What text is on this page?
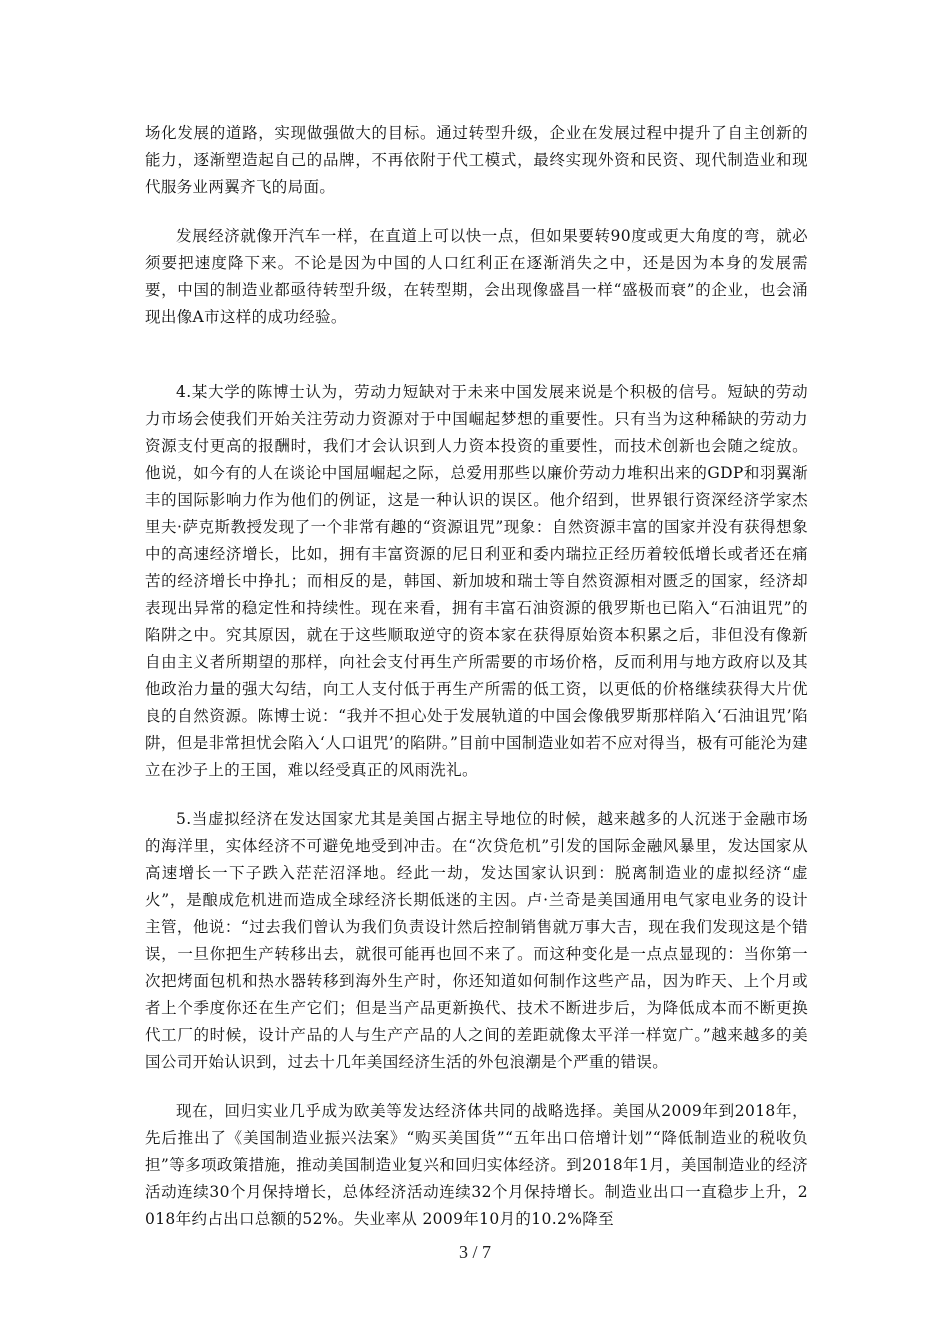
场化发展的道路，实现做强做大的目标。通过转型升级，企业在发展过程中提升了自主创新的能力，逐渐塑造起自己的品牌，不再依附于代工模式，最终实现外资和民资、现代制造业和现代服务业两翼齐飞的局面。

发展经济就像开汽车一样，在直道上可以快一点，但如果要转90度或更大角度的弯，就必须要把速度降下来。不论是因为中国的人口红利正在逐渐消失之中，还是因为本身的发展需要，中国的制造业都亟待转型升级，在转型期，会出现像盛昌一样“盛极而衰”的企业，也会涌现出像A市这样的成功经验。

4.某大学的陈博士认为，劳动力短缺对于未来中国发展来说是个积极的信号。短缺的劳动力市场会使我们开始关注劳动力资源对于中国崛起梦想的重要性。只有当为这种稀缺的劳动力资源支付更高的报酬时，我们才会认识到人力资本投资的重要性，而技术创新也会随之绽放。他说，如今有的人在谈论中国屈崛起之际，总爱用那些以廉价劳动力堆积出来的GDP和羽翼渐丰的国际影响力作为他们的例证，这是一种认识的误区。他介绍到，世界银行资深经济学家杰里夫·萨克斯教授发现了一个非常有趣的“资源诅咒”现象：自然资源丰富的国家并没有获得想象中的高速经济增长，比如，拥有丰富资源的尼日利亚和委内瑞拉正经历着较低增长或者还在痛苦的经济增长中挣扎；而相反的是，韩国、新加坡和瑞士等自然资源相对匮乏的国家，经济却表现出异常的稳定性和持续性。现在来看，拥有丰富石油资源的俄罗斯也已陷入“石油诅咒”的陷阱之中。究其原因，就在于这些顺取逆守的资本家在获得原始资本积累之后，非但没有像新自由主义者所期望的那样，向社会支付再生产所需要的市场价格，反而利用与地方政府以及其他政治力量的强大勾结，向工人支付低于再生产所需的低工资，以更低的价格继续获得大片优良的自然资源。陈博士说：“我并不担心处于发展轨道的中国会像俄罗斯那样陷入‘石油诅咒’陷阱，但是非常担忧会陷入‘人口诅咒’的陷阱。”目前中国制造业如若不应对得当，极有可能沦为建立在沙子上的王国，难以经受真正的风雨洗礼。

5.当虚拟经济在发达国家尤其是美国占据主导地位的时候，越来越多的人沉迷于金融市场的海洋里，实体经济不可避免地受到冲击。在“次贷危机”引发的国际金融风暴里，发达国家从高速增长一下子跌入茫茫沼泽地。经此一劫，发达国家认识到：脱离制造业的虚拟经济“虚火”，是酿成危机进而造成全球经济长期低迷的主因。卢·兰奇是美国通用电气家电业务的设计主管，他说：“过去我们曾认为我们负责设计然后控制销售就万事大吉，现在我们发现这是个错误，一旦你把生产转移出去，就很可能再也回不来了。而这种变化是一点点显现的：当你第一次把烤面包机和热水器转移到海外生产时，你还知道如何制作这些产品，因为昨天、上个月或者上个季度你还在生产它们；但是当产品更新换代、技术不断进步后，为降低成本而不断更换代工厂的时候，设计产品的人与生产产品的人之间的差距就像太平洋一样宽广。”越来越多的美国公司开始认识到，过去十几年美国经济生活的外包浪潮是个严重的错误。

现在，回归实业几乎成为欧美等发达经济体共同的战略选择。美国从2009年到2018年，先后推出了《美国制造业振兴法案》“购买美国货”“五年出口倍增计划”“降低制造业的税收负担”等多项政策措施，推动美国制造业复兴和回归实体经济。到2018年1月，美国制造业的经济活动连续30个月保持增长，总体经济活动连续32个月保持增长。制造业出口一直稳步上升，2018年约占出口总额的52%。失业率从 2009年10月的10.2%降至

3 / 7
